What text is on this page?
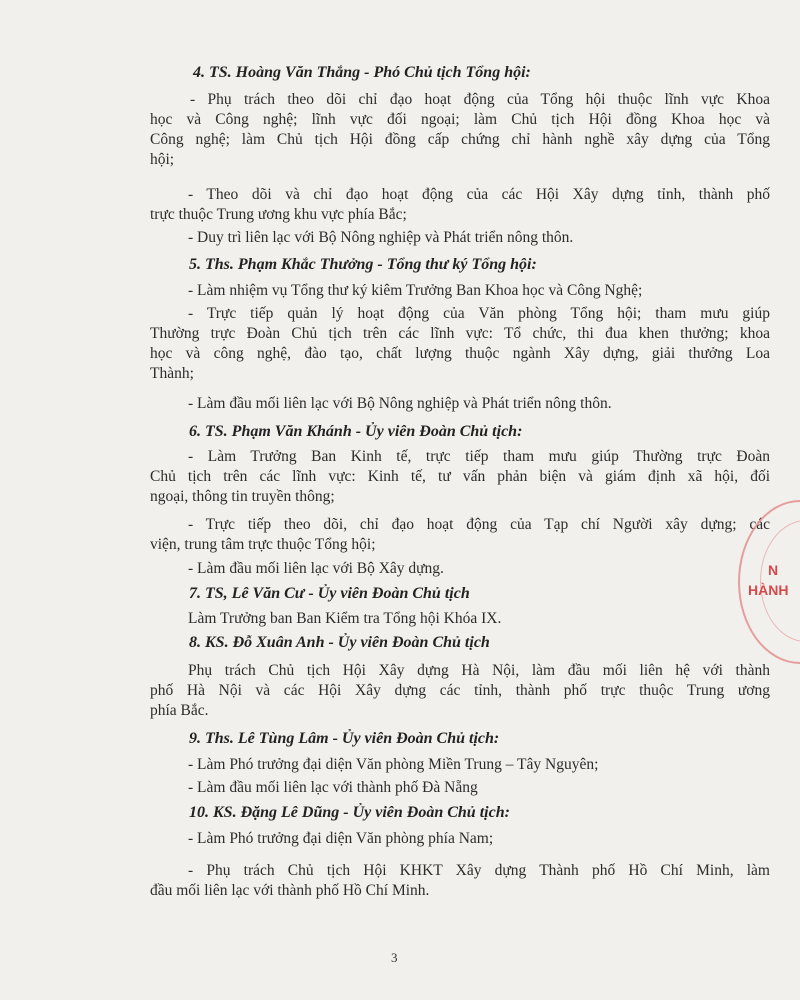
4. TS. Hoàng Văn Thắng - Phó Chủ tịch Tổng hội:
- Phụ trách theo dõi chỉ đạo hoạt động của Tổng hội thuộc lĩnh vực Khoa
học và Công nghệ; lĩnh vực đối ngoại; làm Chủ tịch Hội đồng Khoa học và
Công nghệ; làm Chủ tịch Hội đồng cấp chứng chỉ hành nghề xây dựng của Tổng
hội;
- Theo dõi và chỉ đạo hoạt động của các Hội Xây dựng tỉnh, thành phố
trực thuộc Trung ương khu vực phía Bắc;
- Duy trì liên lạc với Bộ Nông nghiệp và Phát triển nông thôn.
5. Ths. Phạm Khắc Thưởng - Tổng thư ký Tổng hội:
- Làm nhiệm vụ Tổng thư ký kiêm Trưởng Ban Khoa học và Công Nghệ;
- Trực tiếp quản lý hoạt động của Văn phòng Tổng hội; tham mưu giúp
Thường trực Đoàn Chủ tịch trên các lĩnh vực: Tổ chức, thi đua khen thưởng; khoa
học và công nghệ, đào tạo, chất lượng thuộc ngành Xây dựng, giải thưởng Loa
Thành;
- Làm đầu mối liên lạc với Bộ Nông nghiệp và Phát triển nông thôn.
6. TS. Phạm Văn Khánh - Ủy viên Đoàn Chủ tịch:
- Làm Trưởng Ban Kinh tế, trực tiếp tham mưu giúp Thường trực Đoàn
Chủ tịch trên các lĩnh vực: Kinh tế, tư vấn phản biện và giám định xã hội, đối
ngoại, thông tin truyền thông;
- Trực tiếp theo dõi, chỉ đạo hoạt động của Tạp chí Người xây dựng; các
viện, trung tâm trực thuộc Tổng hội;
- Làm đầu mối liên lạc với Bộ Xây dựng.
7. TS, Lê Văn Cư - Ủy viên Đoàn Chủ tịch
Làm Trưởng ban Ban Kiểm tra Tổng hội Khóa IX.
8. KS. Đỗ Xuân Anh - Ủy viên Đoàn Chủ tịch
Phụ trách Chủ tịch Hội Xây dựng Hà Nội, làm đầu mối liên hệ với thành
phố Hà Nội và các Hội Xây dựng các tỉnh, thành phố trực thuộc Trung ương
phía Bắc.
9. Ths. Lê Tùng Lâm - Ủy viên Đoàn Chủ tịch:
- Làm Phó trưởng đại diện Văn phòng Miền Trung – Tây Nguyên;
- Làm đầu mối liên lạc với thành phố Đà Nẵng
10. KS. Đặng Lê Dũng - Ủy viên Đoàn Chủ tịch:
- Làm Phó trưởng đại diện Văn phòng phía Nam;
- Phụ trách Chủ tịch Hội KHKT Xây dựng Thành phố Hồ Chí Minh, làm
đầu mối liên lạc với thành phố Hồ Chí Minh.
3
N
HÀNH
